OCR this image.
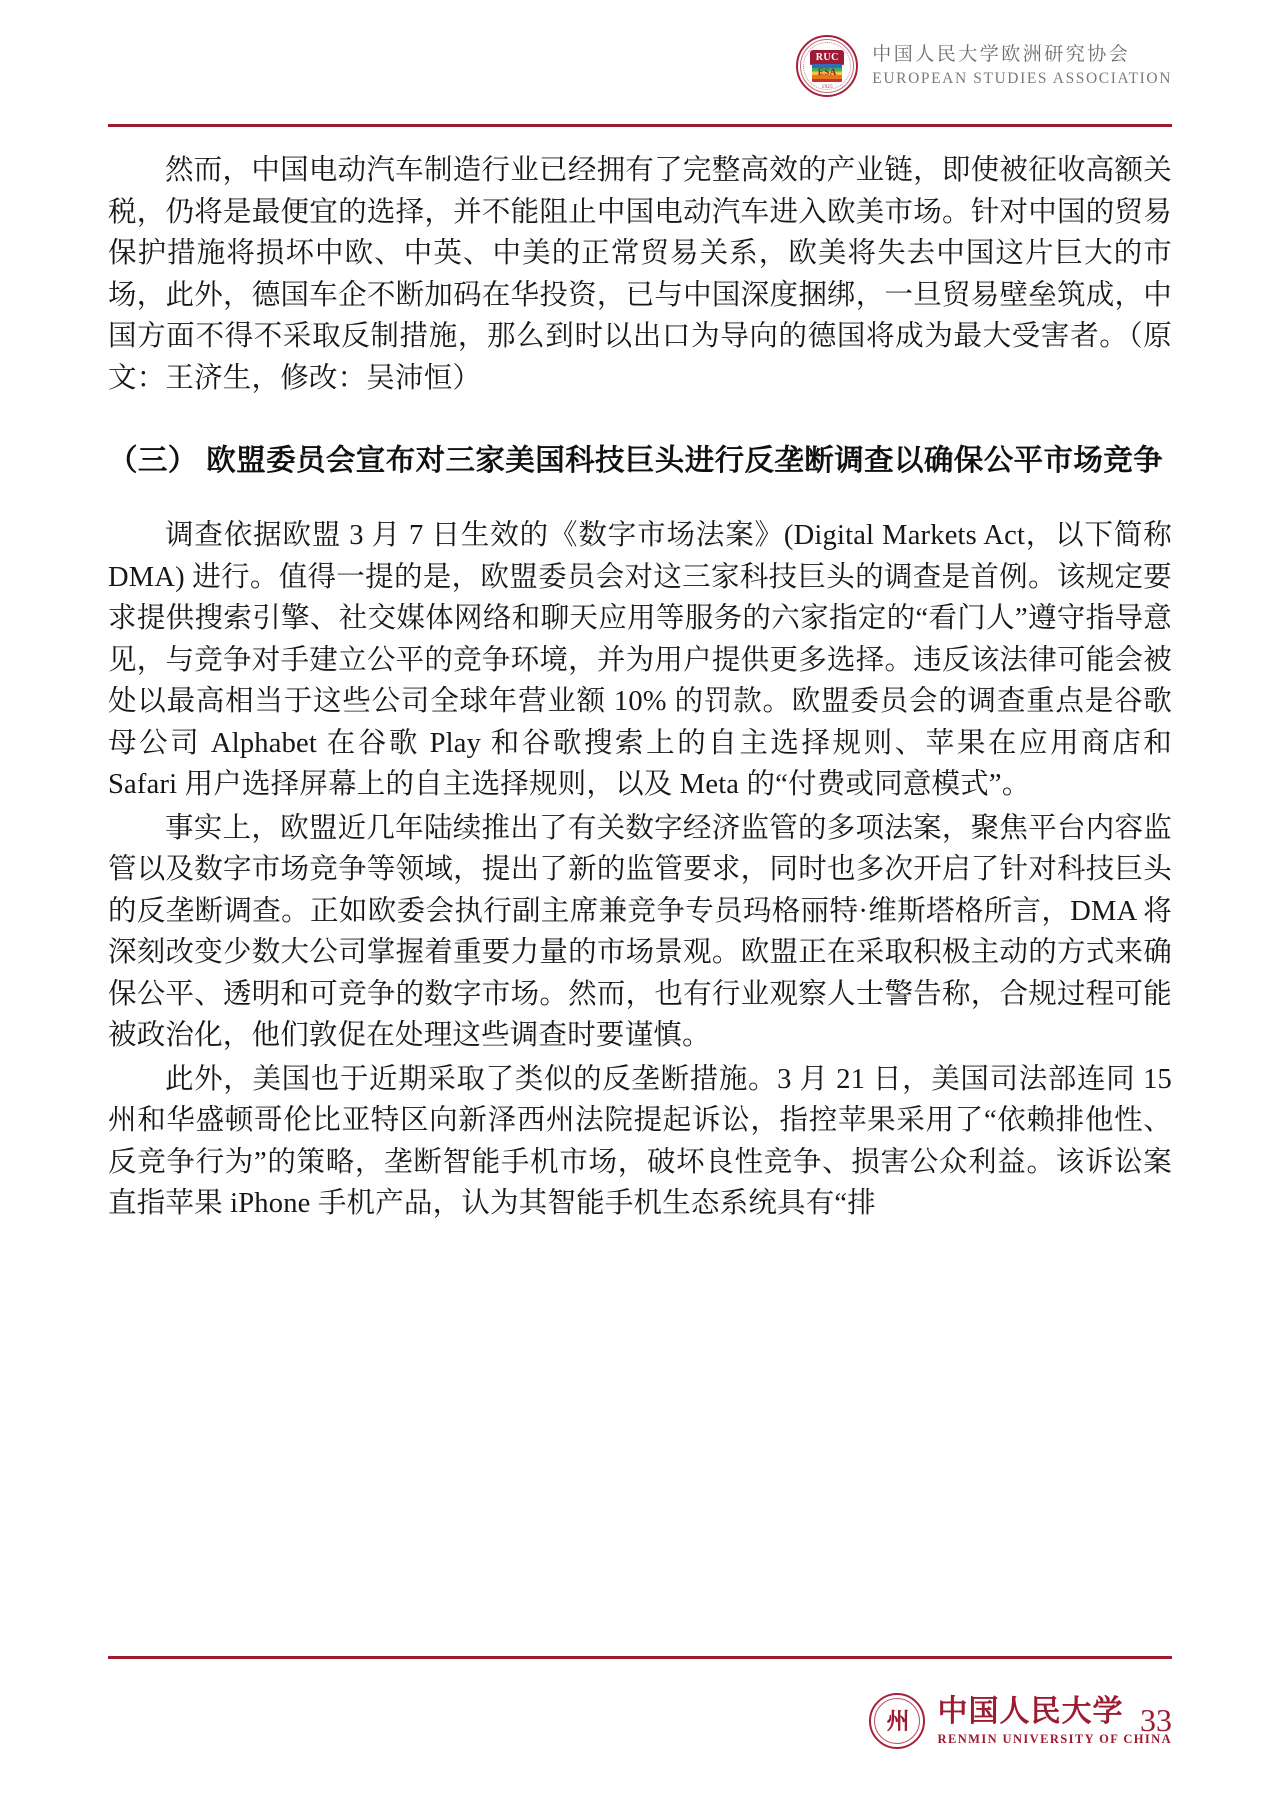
RUC
ESA
1925
中国人民大学欧洲研究协会
EUROPEAN STUDIES ASSOCIATION

然而，中国电动汽车制造行业已经拥有了完整高效的产业链，即使被征收高额关税，仍将是最便宜的选择，并不能阻止中国电动汽车进入欧美市场。针对中国的贸易保护措施将损坏中欧、中英、中美的正常贸易关系，欧美将失去中国这片巨大的市场，此外，德国车企不断加码在华投资，已与中国深度捆绑，一旦贸易壁垒筑成，中国方面不得不采取反制措施，那么到时以出口为导向的德国将成为最大受害者。（原文：王济生，修改：吴沛恒）

（三） 欧盟委员会宣布对三家美国科技巨头进行反垄断调查以确保公平市场竞争

调查依据欧盟 3 月 7 日生效的《数字市场法案》(Digital Markets Act，以下简称 DMA) 进行。值得一提的是，欧盟委员会对这三家科技巨头的调查是首例。该规定要求提供搜索引擎、社交媒体网络和聊天应用等服务的六家指定的“看门人”遵守指导意见，与竞争对手建立公平的竞争环境，并为用户提供更多选择。违反该法律可能会被处以最高相当于这些公司全球年营业额 10% 的罚款。欧盟委员会的调查重点是谷歌母公司 Alphabet 在谷歌 Play 和谷歌搜索上的自主选择规则、苹果在应用商店和 Safari 用户选择屏幕上的自主选择规则，以及 Meta 的“付费或同意模式”。

事实上，欧盟近几年陆续推出了有关数字经济监管的多项法案，聚焦平台内容监管以及数字市场竞争等领域，提出了新的监管要求，同时也多次开启了针对科技巨头的反垄断调查。正如欧委会执行副主席兼竞争专员玛格丽特·维斯塔格所言，DMA 将深刻改变少数大公司掌握着重要力量的市场景观。欧盟正在采取积极主动的方式来确保公平、透明和可竞争的数字市场。然而，也有行业观察人士警告称，合规过程可能被政治化，他们敦促在处理这些调查时要谨慎。

此外，美国也于近期采取了类似的反垄断措施。3 月 21 日，美国司法部连同 15 州和华盛顿哥伦比亚特区向新泽西州法院提起诉讼，指控苹果采用了“依赖排他性、反竞争行为”的策略，垄断智能手机市场，破坏良性竞争、损害公众利益。该诉讼案直指苹果 iPhone 手机产品，认为其智能手机生态系统具有“排

州 中国人民大学
RENMIN UNIVERSITY OF CHINA
33
